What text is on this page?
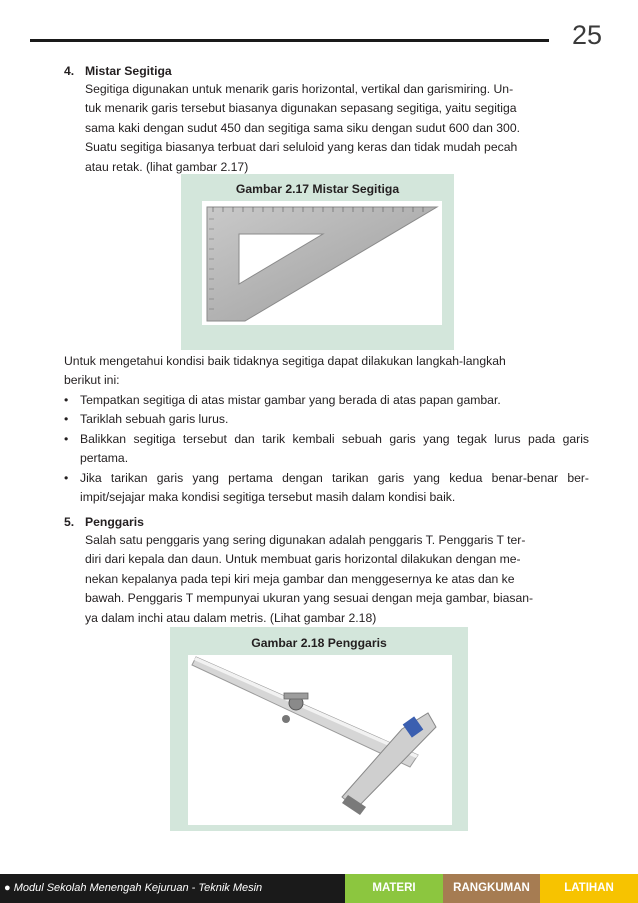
25
4. Mistar Segitiga

Segitiga digunakan untuk menarik garis horizontal, vertikal dan garismiring. Un-

tuk menarik garis tersebut biasanya digunakan sepasang segitiga, yaitu segitiga

sama kaki dengan sudut 450 dan segitiga sama siku dengan sudut 600 dan 300.

Suatu segitiga biasanya terbuat dari seluloid yang keras dan tidak mudah pecah

atau retak. (lihat gambar 2.17)

Gambar 2.17 Mistar Segitiga

Untuk mengetahui kondisi baik tidaknya segitiga dapat dilakukan langkah-langkah

berikut ini:

• Tempatkan segitiga di atas mistar gambar yang berada di atas papan gambar.
• Tariklah sebuah garis lurus.
• Balikkan segitiga tersebut dan tarik kembali sebuah garis yang tegak lurus pada garis pertama.
• Jika tarikan garis yang pertama dengan tarikan garis yang kedua benar-benar ber-impit/sejajar maka kondisi segitiga tersebut masih dalam kondisi baik.
5. Penggaris

Salah satu penggaris yang sering digunakan adalah penggaris T. Penggaris T ter-

diri dari kepala dan daun. Untuk membuat garis horizontal dilakukan dengan me-

nekan kepalanya pada tepi kiri meja gambar dan menggesernya ke atas dan ke

bawah. Penggaris T mempunyai ukuran yang sesuai dengan meja gambar, biasan-

ya dalam inchi atau dalam metris. (Lihat gambar 2.18)

Gambar 2.18 Penggaris
● Modul Sekolah Menengah Kejuruan - Teknik Mesin	MATERI	RANGKUMAN	LATIHAN
